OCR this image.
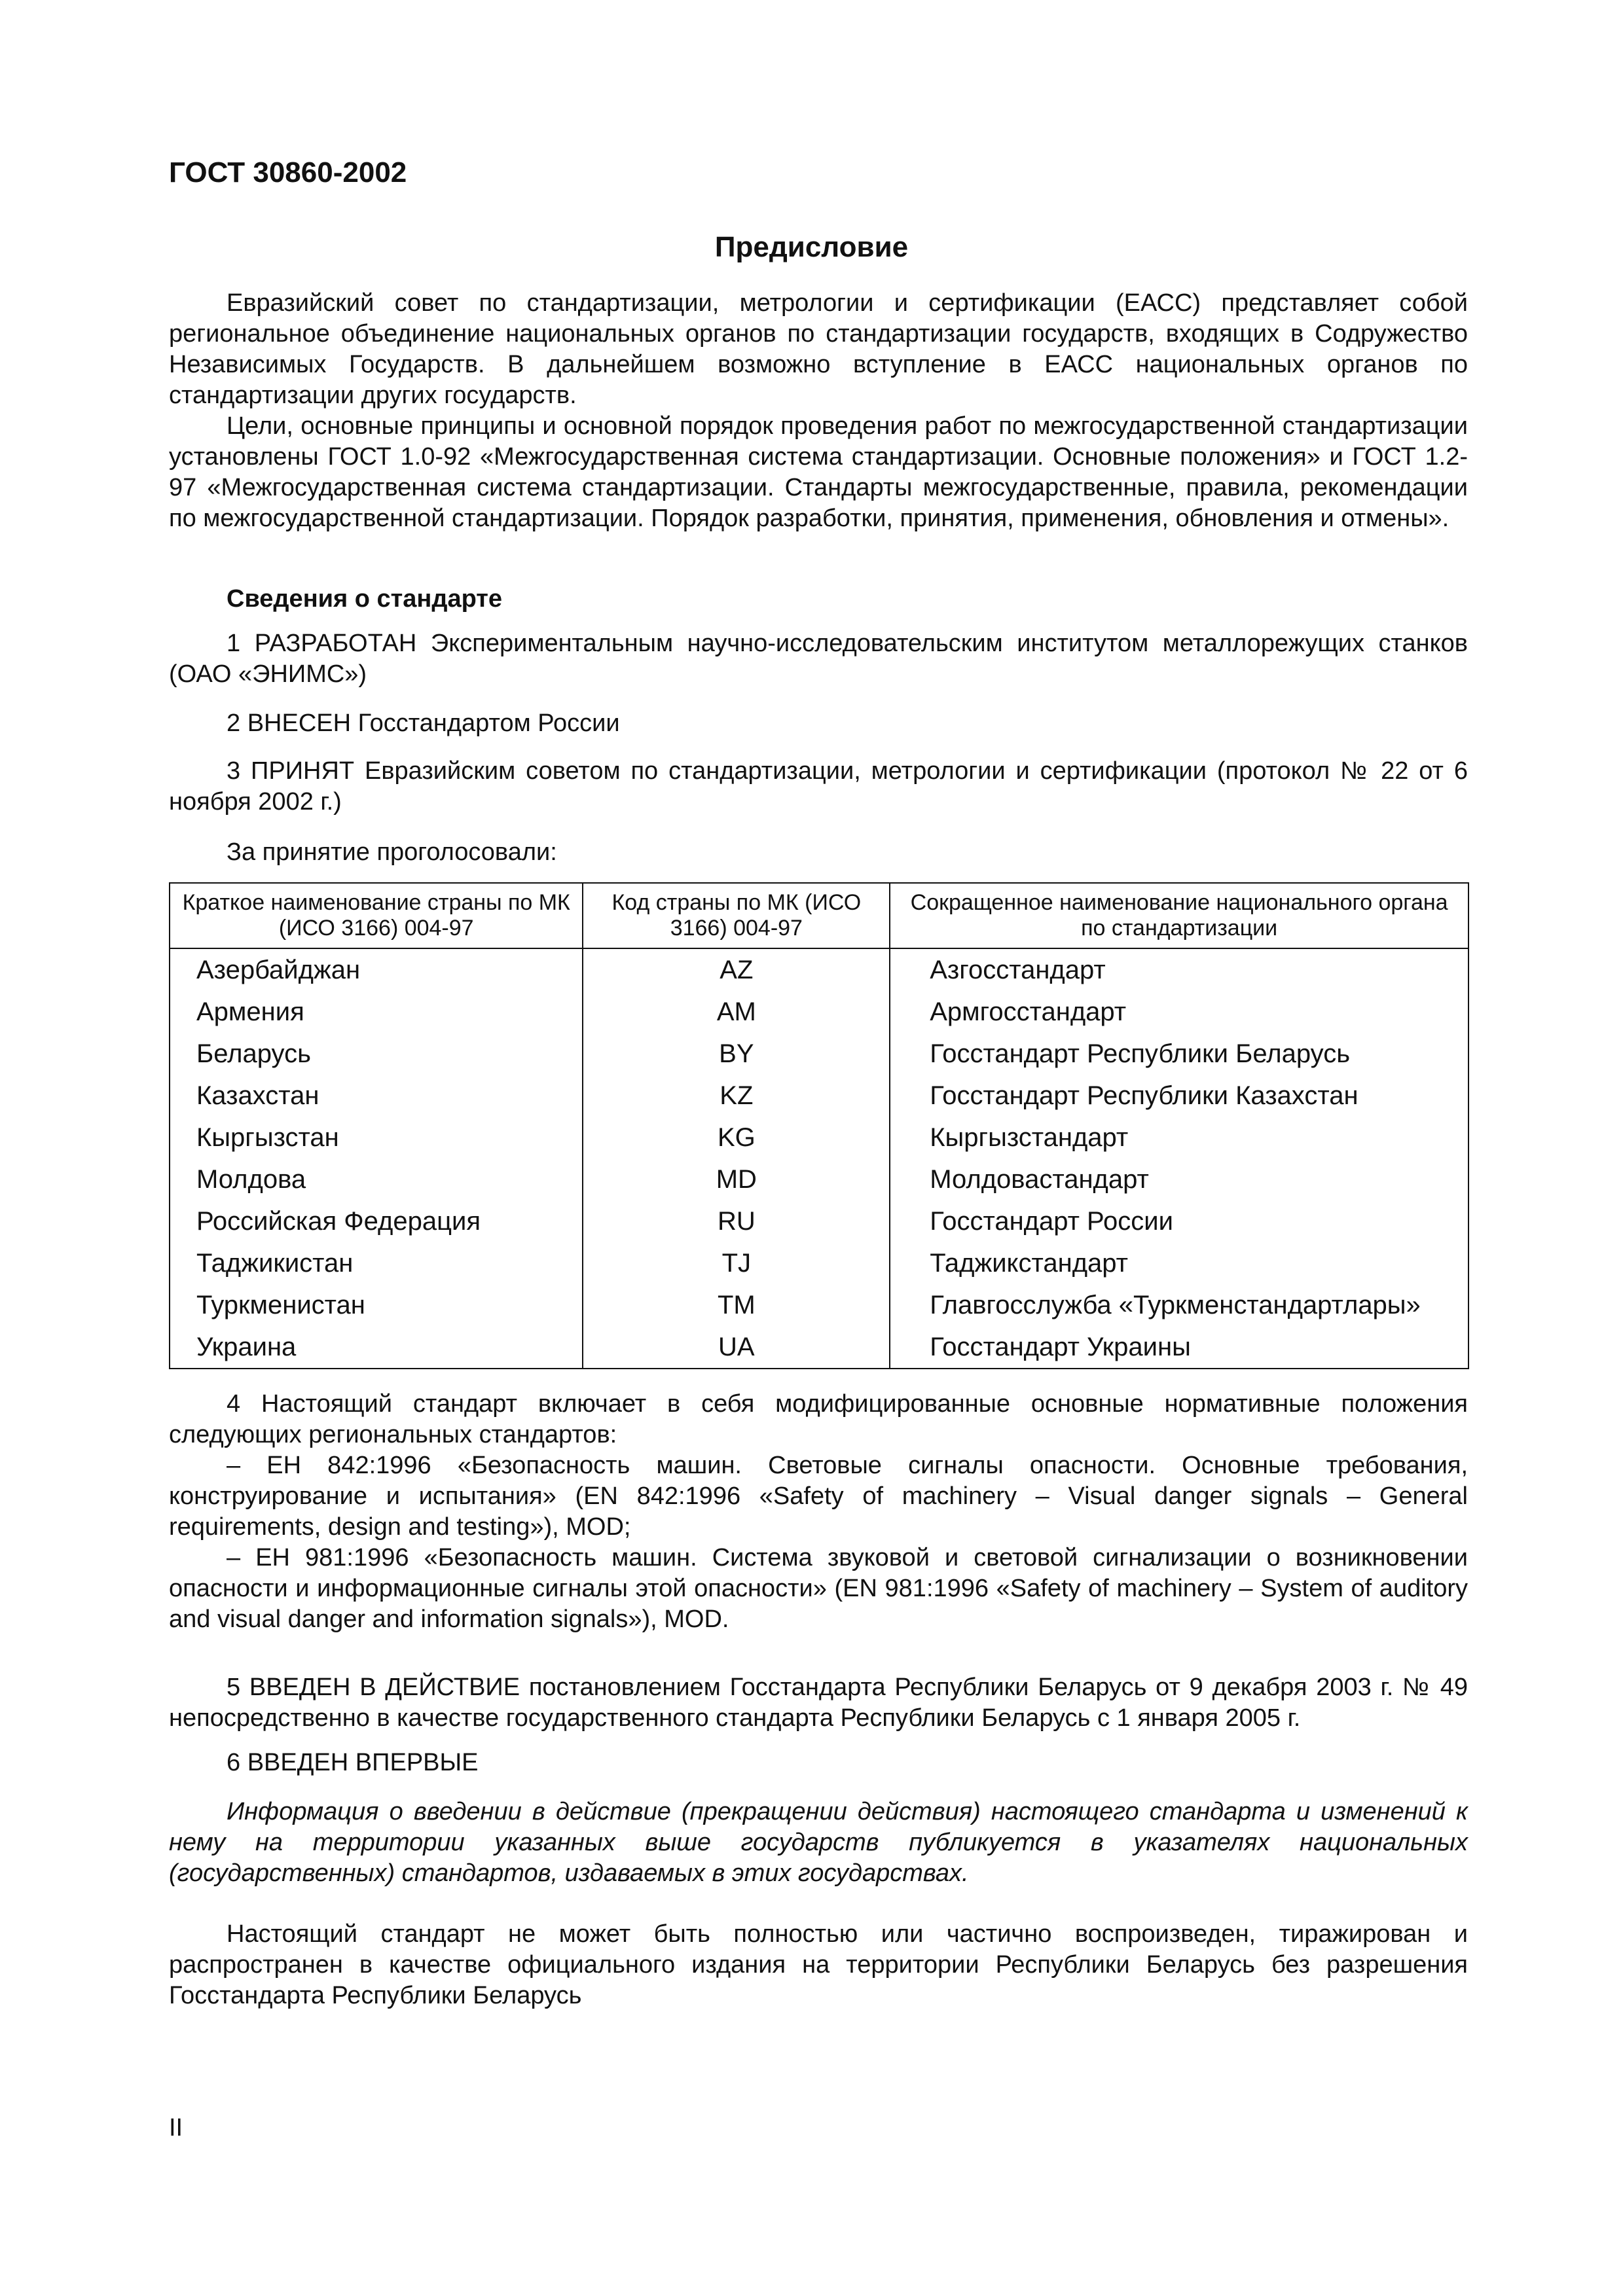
ГОСТ 30860-2002
Предисловие

Евразийский совет по стандартизации, метрологии и сертификации (ЕАСС) представляет собой региональное объединение национальных органов по стандартизации государств, входящих в Содружество Независимых Государств. В дальнейшем возможно вступление в ЕАСС национальных органов по стандартизации других государств.

Цели, основные принципы и основной порядок проведения работ по межгосударственной стандартизации установлены ГОСТ 1.0-92 «Межгосударственная система стандартизации. Основные положения» и ГОСТ 1.2-97 «Межгосударственная система стандартизации. Стандарты межгосударственные, правила, рекомендации по межгосударственной стандартизации. Порядок разработки, принятия, применения, обновления и отмены».

Сведения о стандарте

1 РАЗРАБОТАН Экспериментальным научно-исследовательским институтом металлорежущих станков (ОАО «ЭНИМС»)

2 ВНЕСЕН Госстандартом России

3 ПРИНЯТ Евразийским советом по стандартизации, метрологии и сертификации (протокол № 22 от 6 ноября 2002 г.)

За принятие проголосовали:
Краткое наименование страны по МК (ИСО 3166) 004-97	Код страны по МК (ИСО 3166) 004-97	Сокращенное наименование национального органа по стандартизации
Азербайджан	AZ	Азгосстандарт
Армения	AM	Армгосстандарт
Беларусь	BY	Госстандарт Республики Беларусь
Казахстан	KZ	Госстандарт Республики Казахстан
Кыргызстан	KG	Кыргызстандарт
Молдова	MD	Молдовастандарт
Российская Федерация	RU	Госстандарт России
Таджикистан	TJ	Таджикстандарт
Туркменистан	TM	Главгосслужба «Туркменстандартлары»
Украина	UA	Госстандарт Украины

4 Настоящий стандарт включает в себя модифицированные основные нормативные положения следующих региональных стандартов:

– ЕН 842:1996 «Безопасность машин. Световые сигналы опасности. Основные требования, конструирование и испытания» (EN 842:1996 «Safety of machinery – Visual danger signals – General requirements, design and testing»), MOD;

– ЕН 981:1996 «Безопасность машин. Система звуковой и световой сигнализации о возникновении опасности и информационные сигналы этой опасности» (EN 981:1996 «Safety of machinery – System of auditory and visual danger and information signals»), MOD.

5 ВВЕДЕН В ДЕЙСТВИЕ постановлением Госстандарта Республики Беларусь от 9 декабря 2003 г. № 49 непосредственно в качестве государственного стандарта Республики Беларусь с 1 января 2005 г.

6 ВВЕДЕН ВПЕРВЫЕ

Информация о введении в действие (прекращении действия) настоящего стандарта и изменений к нему на территории указанных выше государств публикуется в указателях национальных (государственных) стандартов, издаваемых в этих государствах.

Настоящий стандарт не может быть полностью или частично воспроизведен, тиражирован и распространен в качестве официального издания на территории Республики Беларусь без разрешения Госстандарта Республики Беларусь

II
